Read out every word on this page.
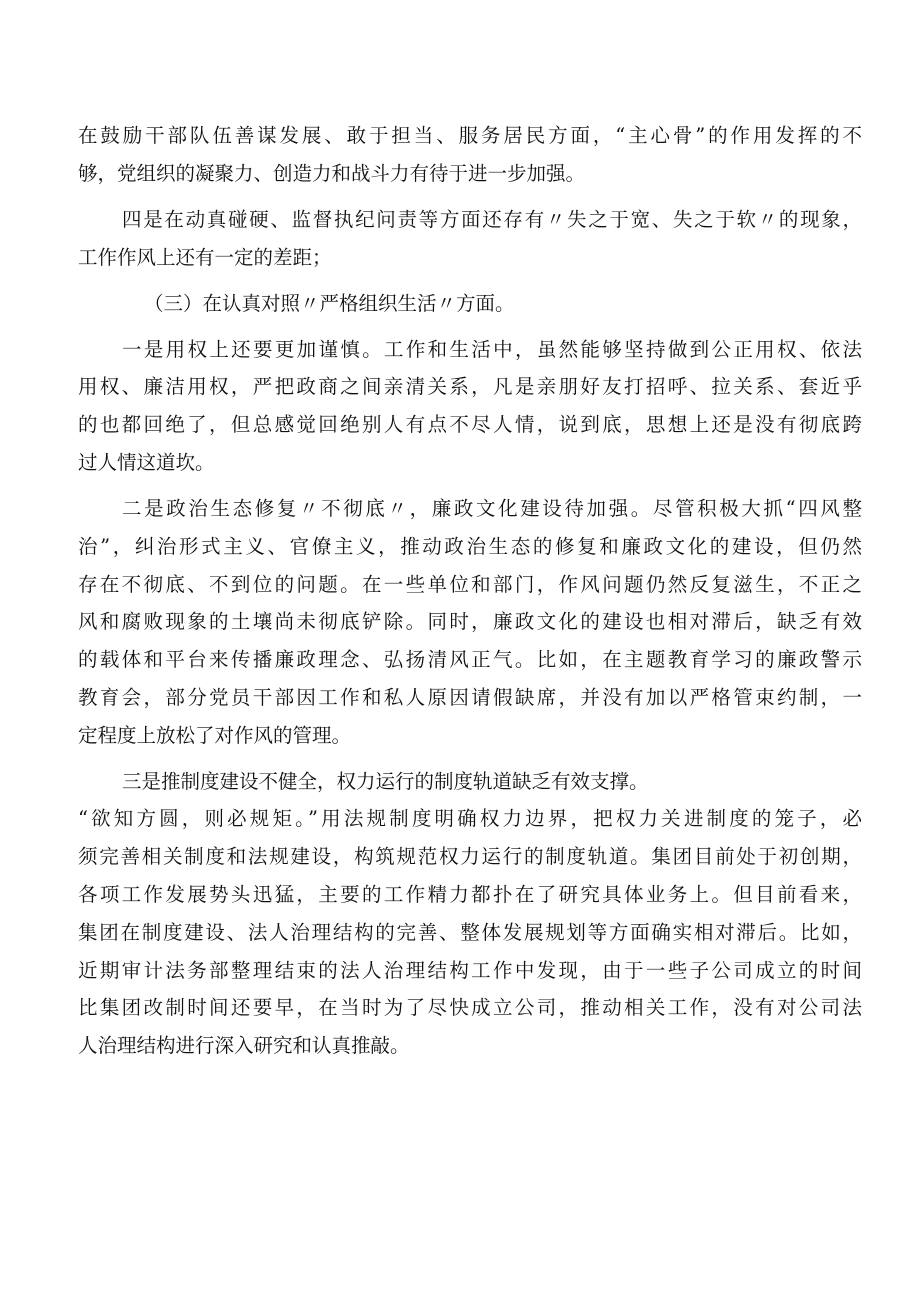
在鼓励干部队伍善谋发展、敢于担当、服务居民方面，“主心骨”的作用发挥的不
够，党组织的凝聚力、创造力和战斗力有待于进一步加强。
四是在动真碰硬、监督执纪问责等方面还存有〃失之于宽、失之于软〃的现象，
工作作风上还有一定的差距；
（三）在认真对照〃严格组织生活〃方面。
一是用权上还要更加谨慎。工作和生活中，虽然能够坚持做到公正用权、依法
用权、廉洁用权，严把政商之间亲清关系，凡是亲朋好友打招呼、拉关系、套近乎
的也都回绝了，但总感觉回绝别人有点不尽人情，说到底，思想上还是没有彻底跨
过人情这道坎。
二是政治生态修复〃不彻底〃，廉政文化建设待加强。尽管积极大抓“四风整
治”，纠治形式主义、官僚主义，推动政治生态的修复和廉政文化的建设，但仍然
存在不彻底、不到位的问题。在一些单位和部门，作风问题仍然反复滋生，不正之
风和腐败现象的土壤尚未彻底铲除。同时，廉政文化的建设也相对滞后，缺乏有效
的载体和平台来传播廉政理念、弘扬清风正气。比如，在主题教育学习的廉政警示
教育会，部分党员干部因工作和私人原因请假缺席，并没有加以严格管束约制，一
定程度上放松了对作风的管理。
三是推制度建设不健全，权力运行的制度轨道缺乏有效支撑。
“欲知方圆，则必规矩。”用法规制度明确权力边界，把权力关进制度的笼子，必
须完善相关制度和法规建设，构筑规范权力运行的制度轨道。集团目前处于初创期，
各项工作发展势头迅猛，主要的工作精力都扑在了研究具体业务上。但目前看来，
集团在制度建设、法人治理结构的完善、整体发展规划等方面确实相对滞后。比如，
近期审计法务部整理结束的法人治理结构工作中发现，由于一些子公司成立的时间
比集团改制时间还要早，在当时为了尽快成立公司，推动相关工作，没有对公司法
人治理结构进行深入研究和认真推敲。
